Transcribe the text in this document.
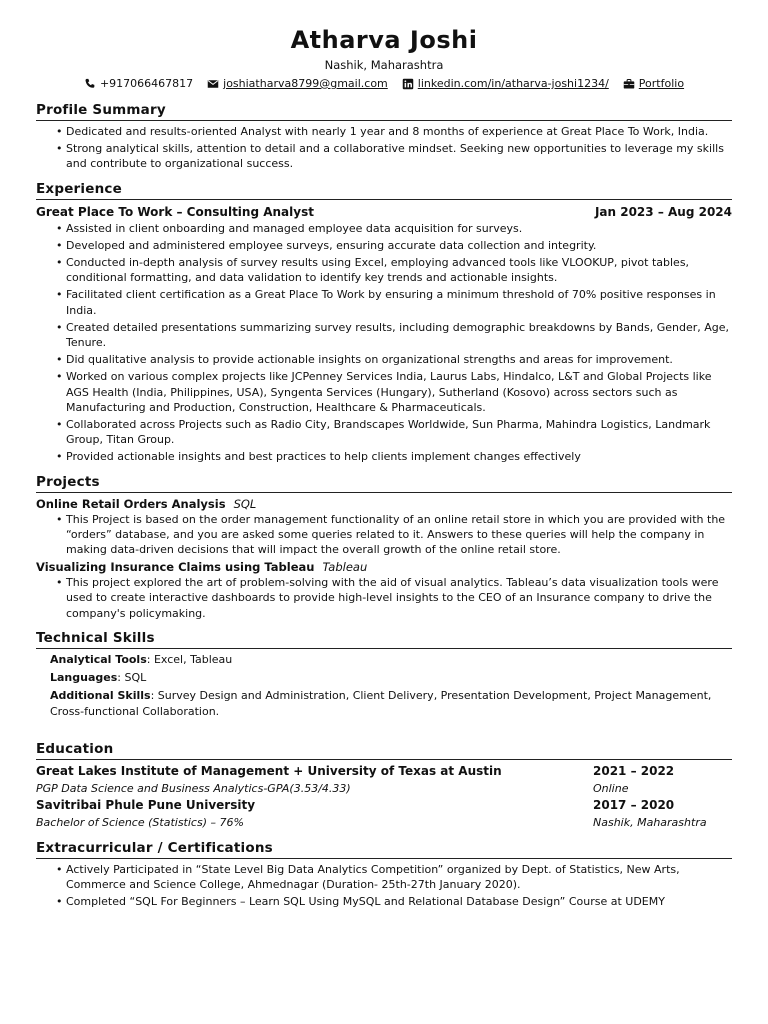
Atharva Joshi
Nashik, Maharashtra
+917066467817	joshiatharva8799@gmail.com	linkedin.com/in/atharva-joshi1234/	Portfolio
Profile Summary
• Dedicated and results-oriented Analyst with nearly 1 year and 8 months of experience at Great Place To Work, India.
• Strong analytical skills, attention to detail and a collaborative mindset. Seeking new opportunities to leverage my skills and contribute to organizational success.
Experience
Great Place To Work – Consulting Analyst	Jan 2023 – Aug 2024
• Assisted in client onboarding and managed employee data acquisition for surveys.
• Developed and administered employee surveys, ensuring accurate data collection and integrity.
• Conducted in-depth analysis of survey results using Excel, employing advanced tools like VLOOKUP, pivot tables, conditional formatting, and data validation to identify key trends and actionable insights.
• Facilitated client certification as a Great Place To Work by ensuring a minimum threshold of 70% positive responses in India.
• Created detailed presentations summarizing survey results, including demographic breakdowns by Bands, Gender, Age, Tenure.
• Did qualitative analysis to provide actionable insights on organizational strengths and areas for improvement.
• Worked on various complex projects like JCPenney Services India, Laurus Labs, Hindalco, L&T and Global Projects like AGS Health (India, Philippines, USA), Syngenta Services (Hungary), Sutherland (Kosovo) across sectors such as Manufacturing and Production, Construction, Healthcare & Pharmaceuticals.
• Collaborated across Projects such as Radio City, Brandscapes Worldwide, Sun Pharma, Mahindra Logistics, Landmark Group, Titan Group.
• Provided actionable insights and best practices to help clients implement changes effectively
Projects
Online Retail Orders Analysis SQL
• This Project is based on the order management functionality of an online retail store in which you are provided with the “orders” database, and you are asked some queries related to it. Answers to these queries will help the company in making data-driven decisions that will impact the overall growth of the online retail store.
Visualizing Insurance Claims using Tableau Tableau
• This project explored the art of problem-solving with the aid of visual analytics. Tableau’s data visualization tools were used to create interactive dashboards to provide high-level insights to the CEO of an Insurance company to drive the company's policymaking.
Technical Skills
Analytical Tools: Excel, Tableau
Languages: SQL
Additional Skills: Survey Design and Administration, Client Delivery, Presentation Development, Project Management, Cross-functional Collaboration.
Education
Great Lakes Institute of Management + University of Texas at Austin	2021 – 2022
PGP Data Science and Business Analytics-GPA(3.53/4.33)	Online
Savitribai Phule Pune University	2017 – 2020
Bachelor of Science (Statistics) – 76%	Nashik, Maharashtra
Extracurricular / Certifications
• Actively Participated in “State Level Big Data Analytics Competition” organized by Dept. of Statistics, New Arts, Commerce and Science College, Ahmednagar (Duration- 25th-27th January 2020).
• Completed “SQL For Beginners – Learn SQL Using MySQL and Relational Database Design” Course at UDEMY
